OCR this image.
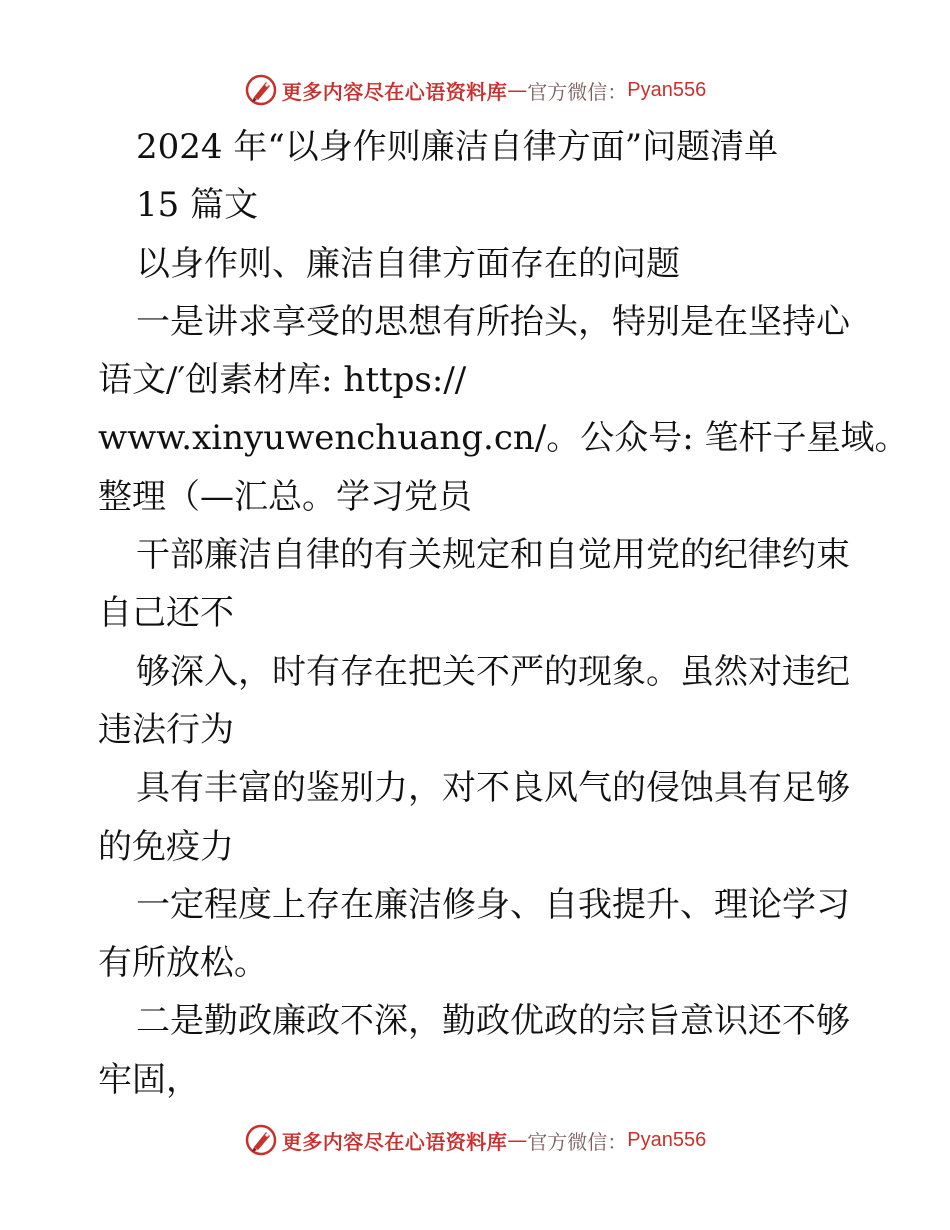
更多内容尽在心语资料库 — 官方微信： Pyan556

2024 年“以身作则廉洁自律方面”问题清单

15 篇文

以身作则、廉洁自律方面存在的问题

一是讲求享受的思想有所抬头，特别是在坚持心

语文/′创素材库: https://

www.xinyuwenchuang.cn/。公众号: 笔杆子星域。

整理（—汇总。学习党员

干部廉洁自律的有关规定和自觉用党的纪律约束

自己还不

够深入，时有存在把关不严的现象。虽然对违纪

违法行为

具有丰富的鉴别力，对不良风气的侵蚀具有足够

的免疫力

一定程度上存在廉洁修身、自我提升、理论学习

有所放松。

二是勤政廉政不深，勤政优政的宗旨意识还不够

牢固，

更多内容尽在心语资料库 — 官方微信： Pyan556
